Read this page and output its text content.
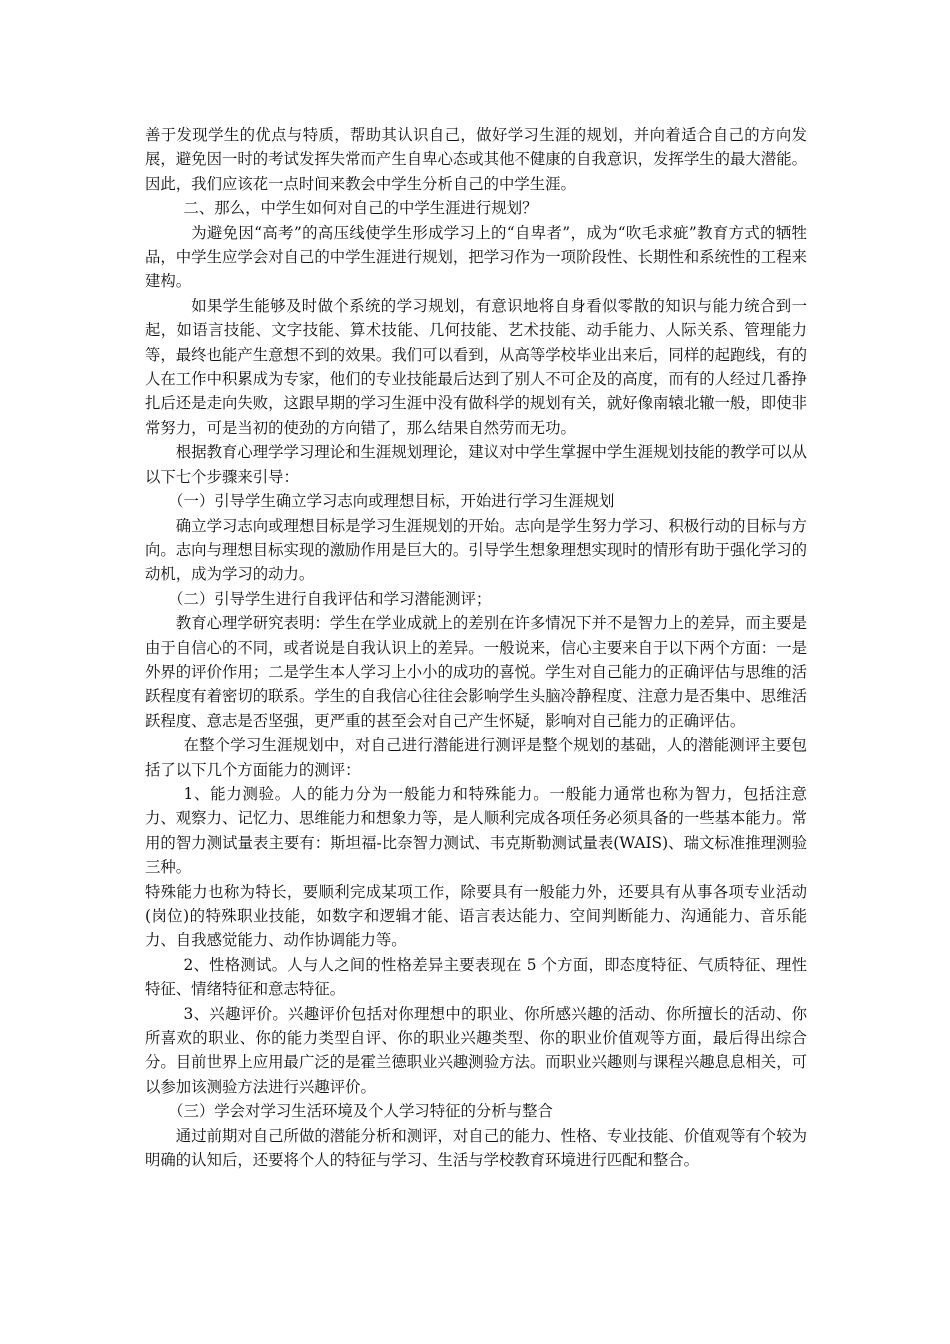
善于发现学生的优点与特质，帮助其认识自己，做好学习生涯的规划，并向着适合自己的方向发展，避免因一时的考试发挥失常而产生自卑心态或其他不健康的自我意识，发挥学生的最大潜能。因此，我们应该花一点时间来教会中学生分析自己的中学生涯。

二、那么，中学生如何对自己的中学生涯进行规划？

为避免因“高考”的高压线使学生形成学习上的“自卑者”，成为“吹毛求疵”教育方式的牺牲品，中学生应学会对自己的中学生涯进行规划，把学习作为一项阶段性、长期性和系统性的工程来建构。

如果学生能够及时做个系统的学习规划，有意识地将自身看似零散的知识与能力统合到一起，如语言技能、文字技能、算术技能、几何技能、艺术技能、动手能力、人际关系、管理能力等，最终也能产生意想不到的效果。我们可以看到，从高等学校毕业出来后，同样的起跑线，有的人在工作中积累成为专家，他们的专业技能最后达到了别人不可企及的高度，而有的人经过几番挣扎后还是走向失败，这跟早期的学习生涯中没有做科学的规划有关，就好像南辕北辙一般，即使非常努力，可是当初的使劲的方向错了，那么结果自然劳而无功。

根据教育心理学学习理论和生涯规划理论，建议对中学生掌握中学生涯规划技能的教学可以从以下七个步骤来引导：

（一）引导学生确立学习志向或理想目标，开始进行学习生涯规划

确立学习志向或理想目标是学习生涯规划的开始。志向是学生努力学习、积极行动的目标与方向。志向与理想目标实现的激励作用是巨大的。引导学生想象理想实现时的情形有助于强化学习的动机，成为学习的动力。

（二）引导学生进行自我评估和学习潜能测评；

教育心理学研究表明：学生在学业成就上的差别在许多情况下并不是智力上的差异，而主要是由于自信心的不同，或者说是自我认识上的差异。一般说来，信心主要来自于以下两个方面：一是外界的评价作用；二是学生本人学习上小小的成功的喜悦。学生对自己能力的正确评估与思维的活跃程度有着密切的联系。学生的自我信心往往会影响学生头脑冷静程度、注意力是否集中、思维活跃程度、意志是否坚强，更严重的甚至会对自己产生怀疑，影响对自己能力的正确评估。

在整个学习生涯规划中，对自己进行潜能进行测评是整个规划的基础，人的潜能测评主要包括了以下几个方面能力的测评：

1、能力测验。人的能力分为一般能力和特殊能力。一般能力通常也称为智力，包括注意力、观察力、记忆力、思维能力和想象力等，是人顺利完成各项任务必须具备的一些基本能力。常用的智力测试量表主要有：斯坦福-比奈智力测试、韦克斯勒测试量表(WAIS)、瑞文标准推理测验三种。

特殊能力也称为特长，要顺利完成某项工作，除要具有一般能力外，还要具有从事各项专业活动(岗位)的特殊职业技能，如数字和逻辑才能、语言表达能力、空间判断能力、沟通能力、音乐能力、自我感觉能力、动作协调能力等。

2、性格测试。人与人之间的性格差异主要表现在 5 个方面，即态度特征、气质特征、理性特征、情绪特征和意志特征。

3、兴趣评价。兴趣评价包括对你理想中的职业、你所感兴趣的活动、你所擅长的活动、你所喜欢的职业、你的能力类型自评、你的职业兴趣类型、你的职业价值观等方面，最后得出综合分。目前世界上应用最广泛的是霍兰德职业兴趣测验方法。而职业兴趣则与课程兴趣息息相关，可以参加该测验方法进行兴趣评价。

（三）学会对学习生活环境及个人学习特征的分析与整合

通过前期对自己所做的潜能分析和测评，对自己的能力、性格、专业技能、价值观等有个较为明确的认知后，还要将个人的特征与学习、生活与学校教育环境进行匹配和整合。
